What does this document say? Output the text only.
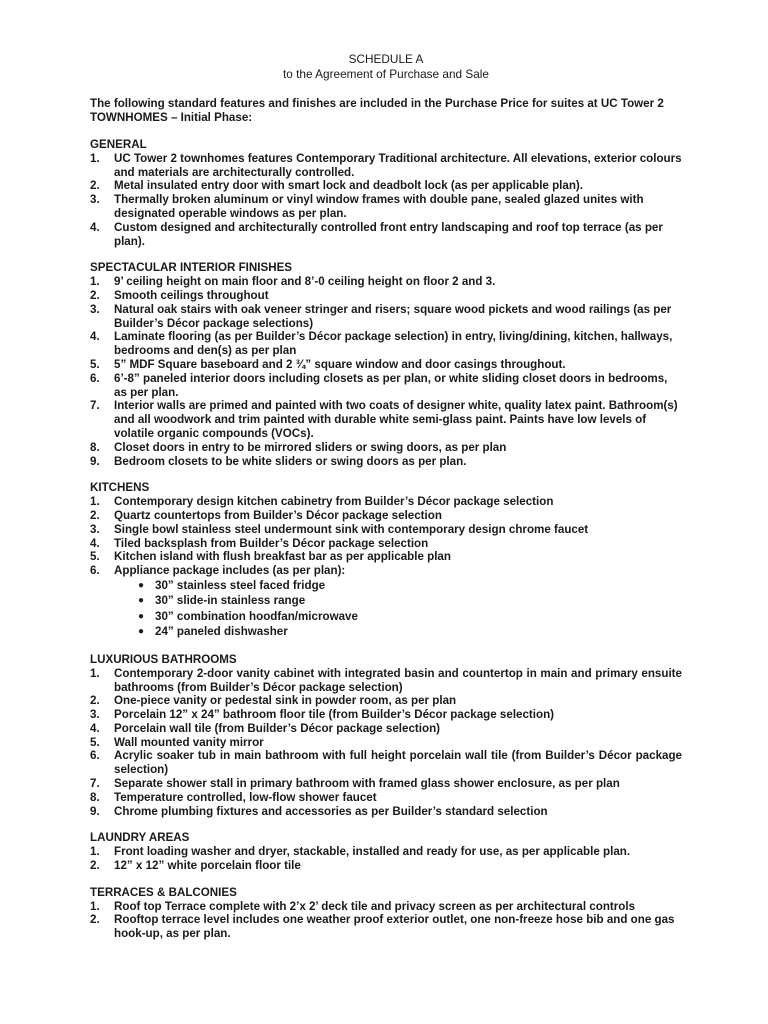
SCHEDULE A
to the Agreement of Purchase and Sale
The following standard features and finishes are included in the Purchase Price for suites at UC Tower 2 TOWNHOMES – Initial Phase:
GENERAL
1. UC Tower 2 townhomes features Contemporary Traditional architecture. All elevations, exterior colours and materials are architecturally controlled.
2. Metal insulated entry door with smart lock and deadbolt lock (as per applicable plan).
3. Thermally broken aluminum or vinyl window frames with double pane, sealed glazed unites with designated operable windows as per plan.
4. Custom designed and architecturally controlled front entry landscaping and roof top terrace (as per plan).
SPECTACULAR INTERIOR FINISHES
1. 9’ ceiling height on main floor and 8’-0 ceiling height on floor 2 and 3.
2. Smooth ceilings throughout
3. Natural oak stairs with oak veneer stringer and risers; square wood pickets and wood railings (as per Builder’s Décor package selections)
4. Laminate flooring (as per Builder’s Décor package selection) in entry, living/dining, kitchen, hallways, bedrooms and den(s) as per plan
5. 5” MDF Square baseboard and 2 ¾” square window and door casings throughout.
6. 6’-8” paneled interior doors including closets as per plan, or white sliding closet doors in bedrooms, as per plan.
7. Interior walls are primed and painted with two coats of designer white, quality latex paint. Bathroom(s) and all woodwork and trim painted with durable white semi-glass paint. Paints have low levels of volatile organic compounds (VOCs).
8. Closet doors in entry to be mirrored sliders or swing doors, as per plan
9. Bedroom closets to be white sliders or swing doors as per plan.
KITCHENS
1. Contemporary design kitchen cabinetry from Builder’s Décor package selection
2. Quartz countertops from Builder’s Décor package selection
3. Single bowl stainless steel undermount sink with contemporary design chrome faucet
4. Tiled backsplash from Builder’s Décor package selection
5. Kitchen island with flush breakfast bar as per applicable plan
6. Appliance package includes (as per plan):
● 30” stainless steel faced fridge
● 30” slide-in stainless range
● 30” combination hoodfan/microwave
● 24” paneled dishwasher
LUXURIOUS BATHROOMS
1. Contemporary 2-door vanity cabinet with integrated basin and countertop in main and primary ensuite bathrooms (from Builder’s Décor package selection)
2. One-piece vanity or pedestal sink in powder room, as per plan
3. Porcelain 12” x 24” bathroom floor tile (from Builder’s Décor package selection)
4. Porcelain wall tile (from Builder’s Décor package selection)
5. Wall mounted vanity mirror
6. Acrylic soaker tub in main bathroom with full height porcelain wall tile (from Builder’s Décor package selection)
7. Separate shower stall in primary bathroom with framed glass shower enclosure, as per plan
8. Temperature controlled, low-flow shower faucet
9. Chrome plumbing fixtures and accessories as per Builder’s standard selection
LAUNDRY AREAS
1. Front loading washer and dryer, stackable, installed and ready for use, as per applicable plan.
2. 12” x 12” white porcelain floor tile
TERRACES & BALCONIES
1. Roof top Terrace complete with 2’x 2’ deck tile and privacy screen as per architectural controls
2. Rooftop terrace level includes one weather proof exterior outlet, one non-freeze hose bib and one gas hook-up, as per plan.
